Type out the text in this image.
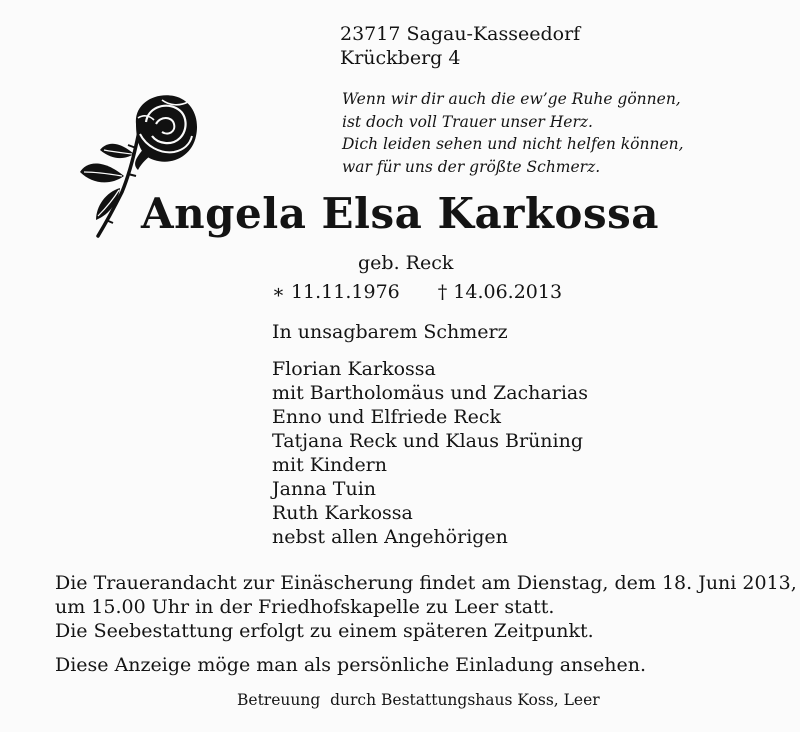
23717 Sagau-Kasseedorf
Krückberg 4
Wenn wir dir auch die ew’ge Ruhe gönnen,
ist doch voll Trauer unser Herz.
Dich leiden sehen und nicht helfen können,
war für uns der größte Schmerz.
Angela Elsa Karkossa
geb. Reck
∗ 11.11.1976 † 14.06.2013
In unsagbarem Schmerz
Florian Karkossa
mit Bartholomäus und Zacharias
Enno und Elfriede Reck
Tatjana Reck und Klaus Brüning
mit Kindern
Janna Tuin
Ruth Karkossa
nebst allen Angehörigen
Die Trauerandacht zur Einäscherung findet am Dienstag, dem 18. Juni 2013,
um 15.00 Uhr in der Friedhofskapelle zu Leer statt.
Die Seebestattung erfolgt zu einem späteren Zeitpunkt.
Diese Anzeige möge man als persönliche Einladung ansehen.
Betreuung  durch Bestattungshaus Koss, Leer
